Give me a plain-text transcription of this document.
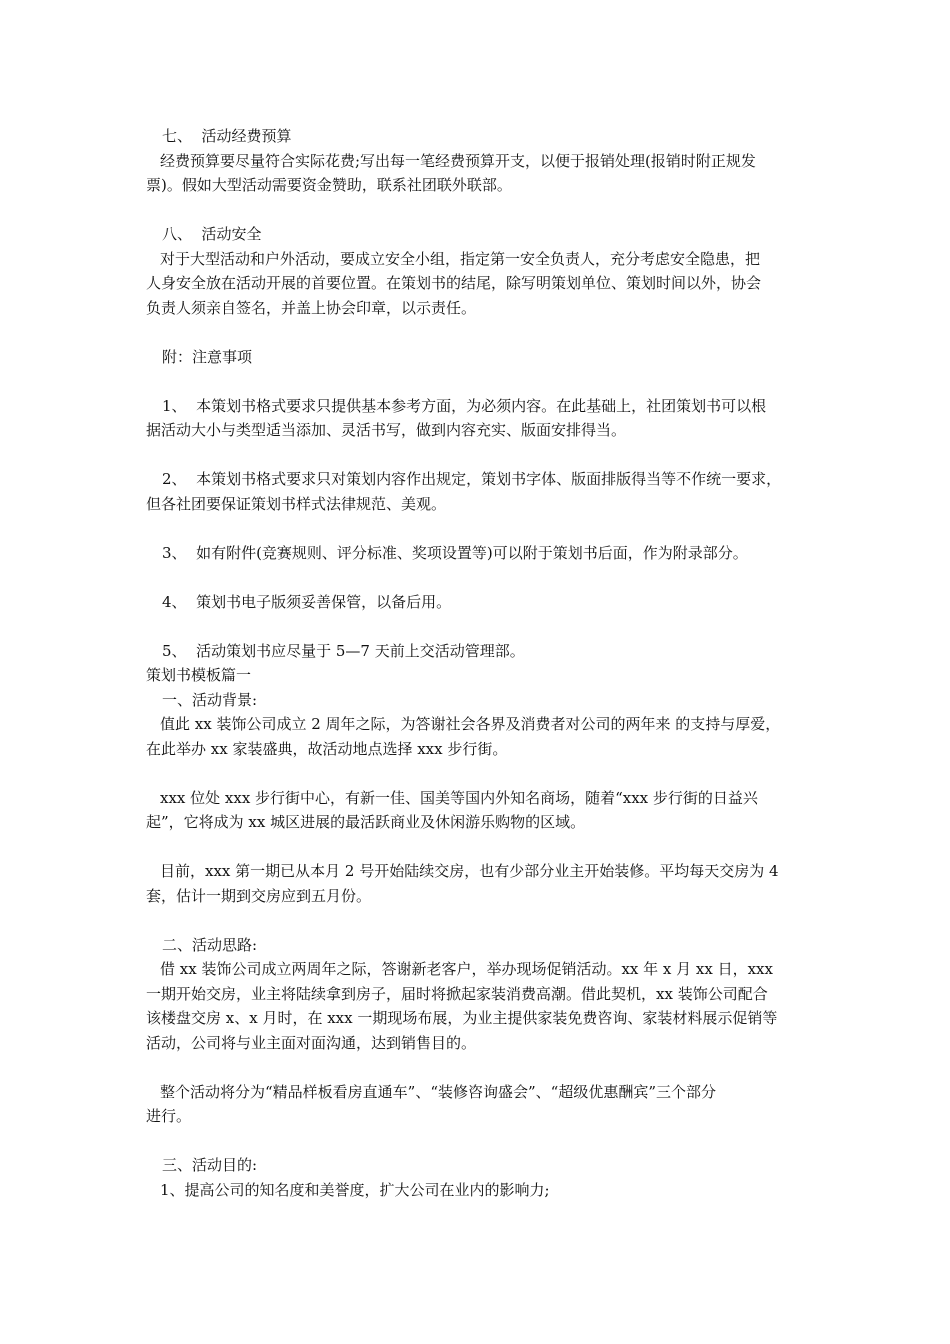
七、  活动经费预算

经费预算要尽量符合实际花费;写出每一笔经费预算开支，以便于报销处理(报销时附正规发

票)。假如大型活动需要资金赞助，联系社团联外联部。

八、  活动安全

对于大型活动和户外活动，要成立安全小组，指定第一安全负责人，充分考虑安全隐患，把

人身安全放在活动开展的首要位置。在策划书的结尾，除写明策划单位、策划时间以外，协会

负责人须亲自签名，并盖上协会印章，以示责任。

附：注意事项

1、  本策划书格式要求只提供基本参考方面，为必须内容。在此基础上，社团策划书可以根

据活动大小与类型适当添加、灵活书写，做到内容充实、版面安排得当。

2、  本策划书格式要求只对策划内容作出规定，策划书字体、版面排版得当等不作统一要求，

但各社团要保证策划书样式法律规范、美观。

3、  如有附件(竞赛规则、评分标准、奖项设置等)可以附于策划书后面，作为附录部分。

4、  策划书电子版须妥善保管，以备后用。

5、  活动策划书应尽量于 5—7 天前上交活动管理部。

策划书模板篇一

一、活动背景:

值此 xx 装饰公司成立 2 周年之际，为答谢社会各界及消费者对公司的两年来 的支持与厚爱，

在此举办 xx 家装盛典，故活动地点选择 xxx 步行街。

xxx 位处 xxx 步行街中心，有新一佳、国美等国内外知名商场，随着“xxx 步行街的日益兴

起”，它将成为 xx 城区进展的最活跃商业及休闲游乐购物的区域。

目前，xxx 第一期已从本月 2 号开始陆续交房，也有少部分业主开始装修。平均每天交房为 4

套，估计一期到交房应到五月份。

二、活动思路:

借 xx 装饰公司成立两周年之际，答谢新老客户，举办现场促销活动。xx 年 x 月 xx 日，xxx

一期开始交房，业主将陆续拿到房子，届时将掀起家装消费高潮。借此契机，xx 装饰公司配合

该楼盘交房 x、x 月时，在 xxx 一期现场布展，为业主提供家装免费咨询、家装材料展示促销等

活动，公司将与业主面对面沟通，达到销售目的。

整个活动将分为“精品样板看房直通车”、“装修咨询盛会”、“超级优惠酬宾”三个部分

进行。

三、活动目的:

1、提高公司的知名度和美誉度，扩大公司在业内的影响力;
